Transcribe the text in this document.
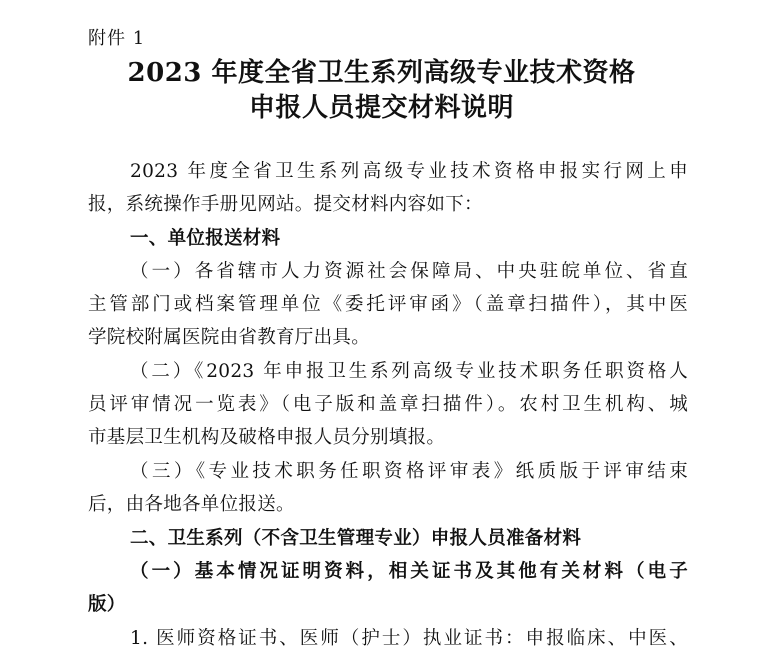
附件 1
2023 年度全省卫生系列高级专业技术资格
申报人员提交材料说明
2023 年度全省卫生系列高级专业技术资格申报实行网上申
报，系统操作手册见网站。提交材料内容如下：
一、单位报送材料
（一）各省辖市人力资源社会保障局、中央驻皖单位、省直
主管部门或档案管理单位《委托评审函》（盖章扫描件），其中医
学院校附属医院由省教育厅出具。
（二）《2023 年申报卫生系列高级专业技术职务任职资格人
员评审情况一览表》（电子版和盖章扫描件）。农村卫生机构、城
市基层卫生机构及破格申报人员分别填报。
（三）《专业技术职务任职资格评审表》纸质版于评审结束
后，由各地各单位报送。
二、卫生系列（不含卫生管理专业）申报人员准备材料
（一）基本情况证明资料，相关证书及其他有关材料（电子
版）
1. 医师资格证书、医师（护士）执业证书：申报临床、中医、
